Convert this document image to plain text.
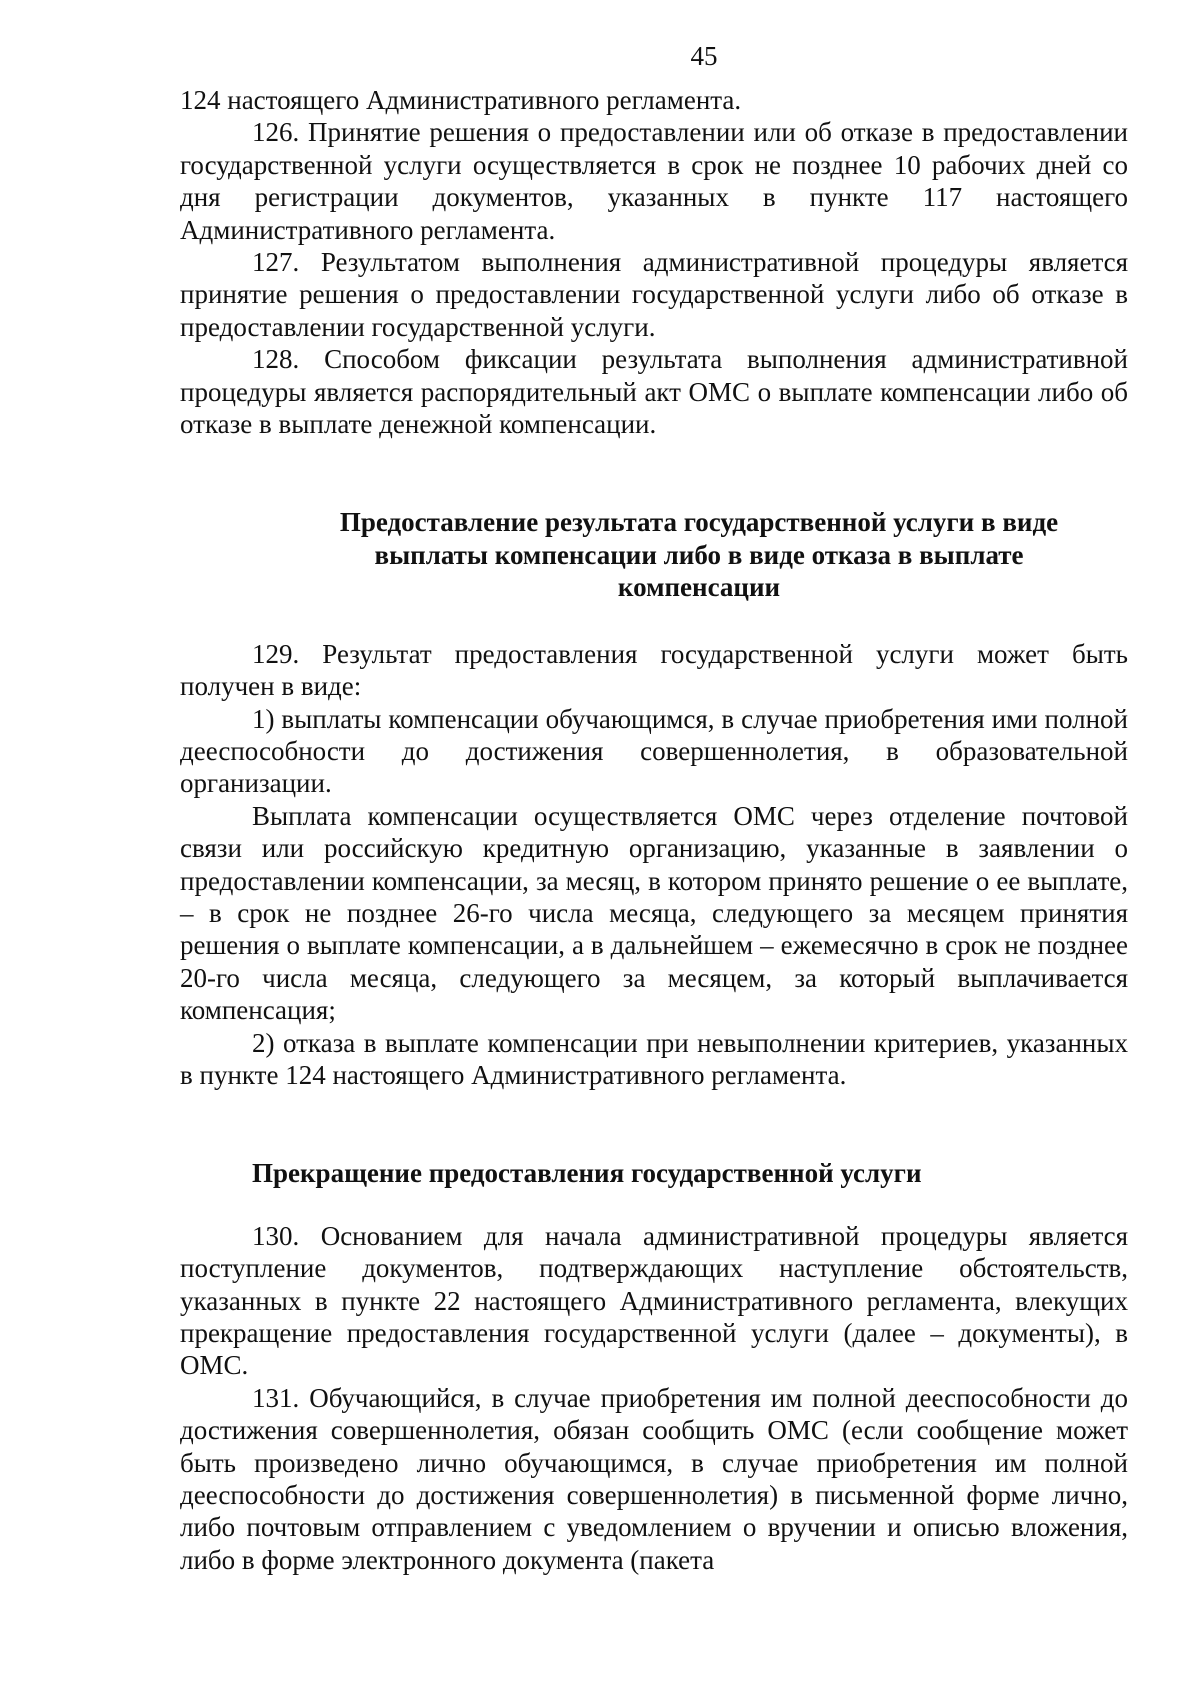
45

124 настоящего Административного регламента.

126. Принятие решения о предоставлении или об отказе в предоставлении государственной услуги осуществляется в срок не позднее 10 рабочих дней со дня регистрации документов, указанных в пункте 117 настоящего Административного регламента.

127. Результатом выполнения административной процедуры является принятие решения о предоставлении государственной услуги либо об отказе в предоставлении государственной услуги.

128. Способом фиксации результата выполнения административной процедуры является распорядительный акт ОМС о выплате компенсации либо об отказе в выплате денежной компенсации.

Предоставление результата государственной услуги в виде выплаты компенсации либо в виде отказа в выплате компенсации

129. Результат предоставления государственной услуги может быть получен в виде:

1) выплаты компенсации обучающимся, в случае приобретения ими полной дееспособности до достижения совершеннолетия, в образовательной организации.

Выплата компенсации осуществляется ОМС через отделение почтовой связи или российскую кредитную организацию, указанные в заявлении о предоставлении компенсации, за месяц, в котором принято решение о ее выплате, – в срок не позднее 26-го числа месяца, следующего за месяцем принятия решения о выплате компенсации, а в дальнейшем – ежемесячно в срок не позднее 20-го числа месяца, следующего за месяцем, за который выплачивается компенсация;

2) отказа в выплате компенсации при невыполнении критериев, указанных в пункте 124 настоящего Административного регламента.

Прекращение предоставления государственной услуги

130. Основанием для начала административной процедуры является поступление документов, подтверждающих наступление обстоятельств, указанных в пункте 22 настоящего Административного регламента, влекущих прекращение предоставления государственной услуги (далее – документы), в ОМС.

131. Обучающийся, в случае приобретения им полной дееспособности до достижения совершеннолетия, обязан сообщить ОМС (если сообщение может быть произведено лично обучающимся, в случае приобретения им полной дееспособности до достижения совершеннолетия) в письменной форме лично, либо почтовым отправлением с уведомлением о вручении и описью вложения, либо в форме электронного документа (пакета
